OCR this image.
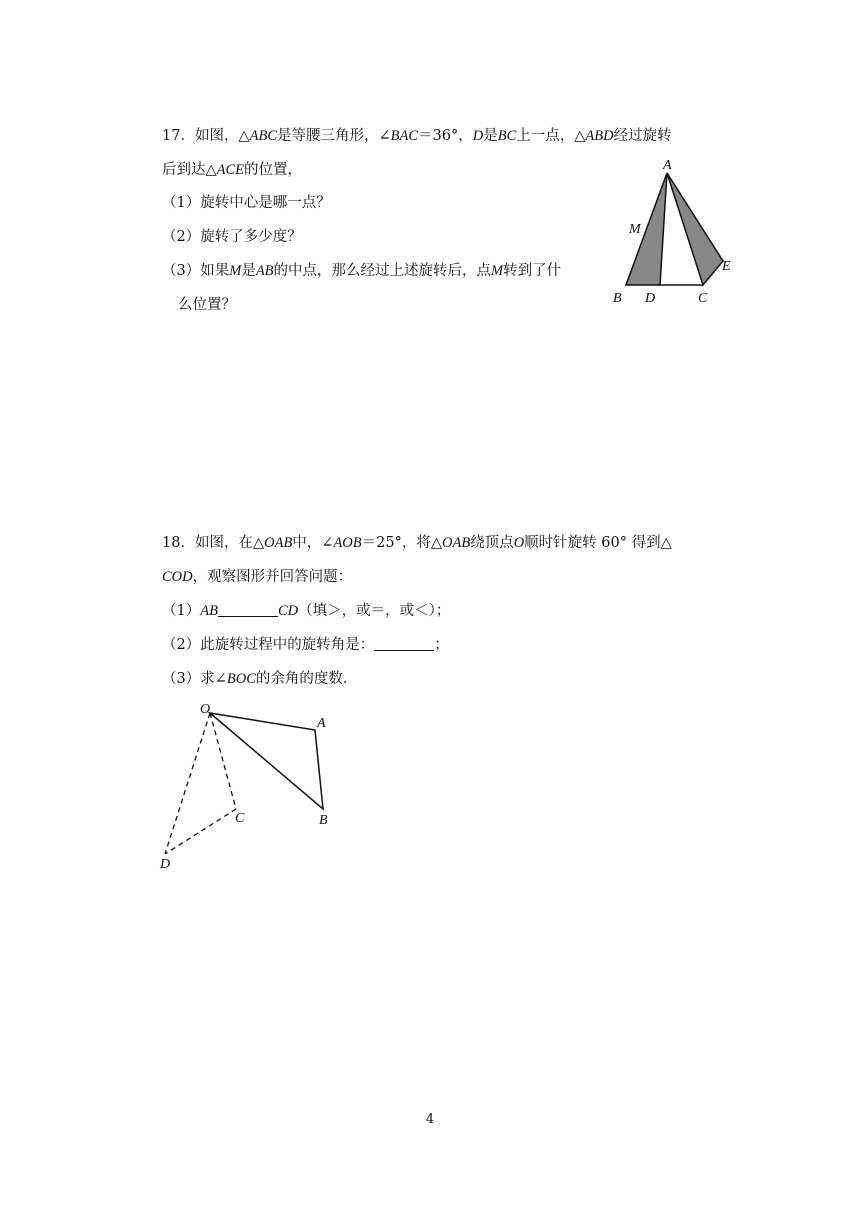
17．如图，△ABC是等腰三角形，∠BAC＝36°，D是BC上一点，△ABD经过旋转
后到达△ACE的位置，
（1）旋转中心是哪一点？
（2）旋转了多少度？
（3）如果M是AB的中点，那么经过上述旋转后，点M转到了什
么位置？
A
M
E
B D	C
18．如图，在△OAB中，∠AOB＝25°，将△OAB绕顶点O顺时针旋转 60° 得到△
COD，观察图形并回答问题：
（1）AB	CD（填＞，或＝，或＜）；
（2）此旋转过程中的旋转角是：	；
（3）求∠BOC的余角的度数．
O
A
C	B
D
4
